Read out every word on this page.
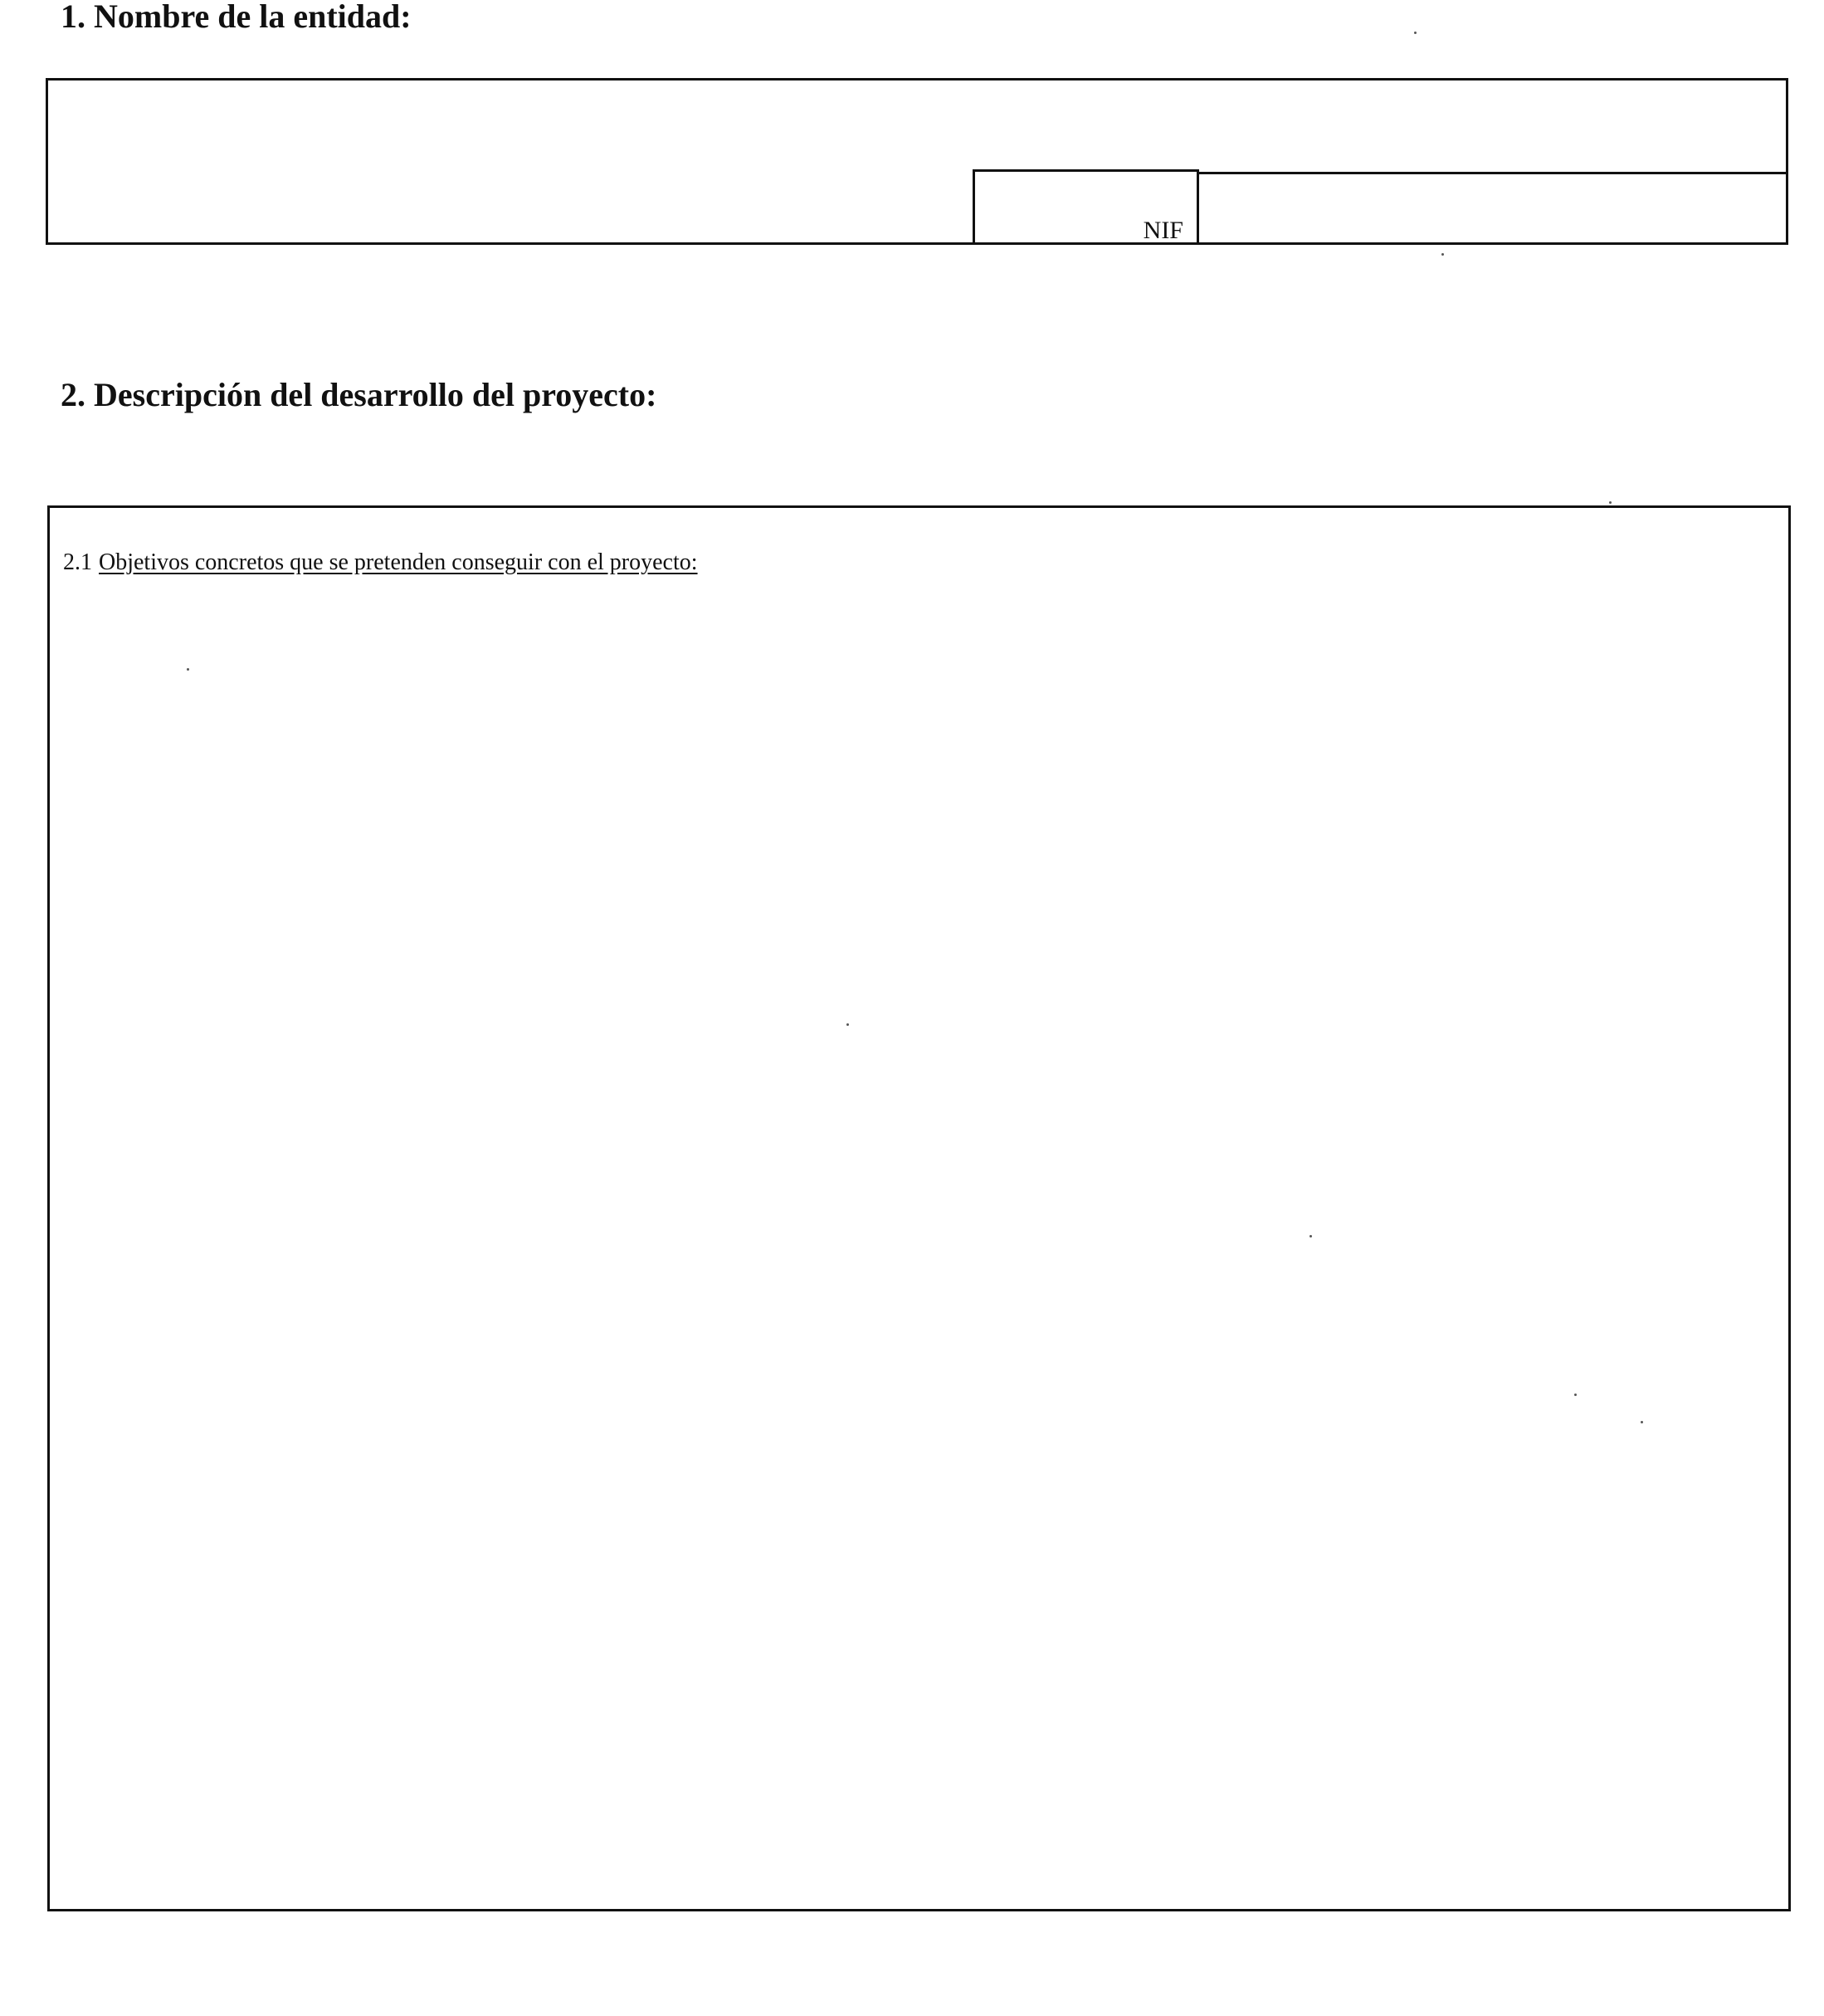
1. Nombre de la entidad:
NIF
2. Descripción del desarrollo del proyecto:
2.1 Objetivos concretos que se pretenden conseguir con el proyecto:
